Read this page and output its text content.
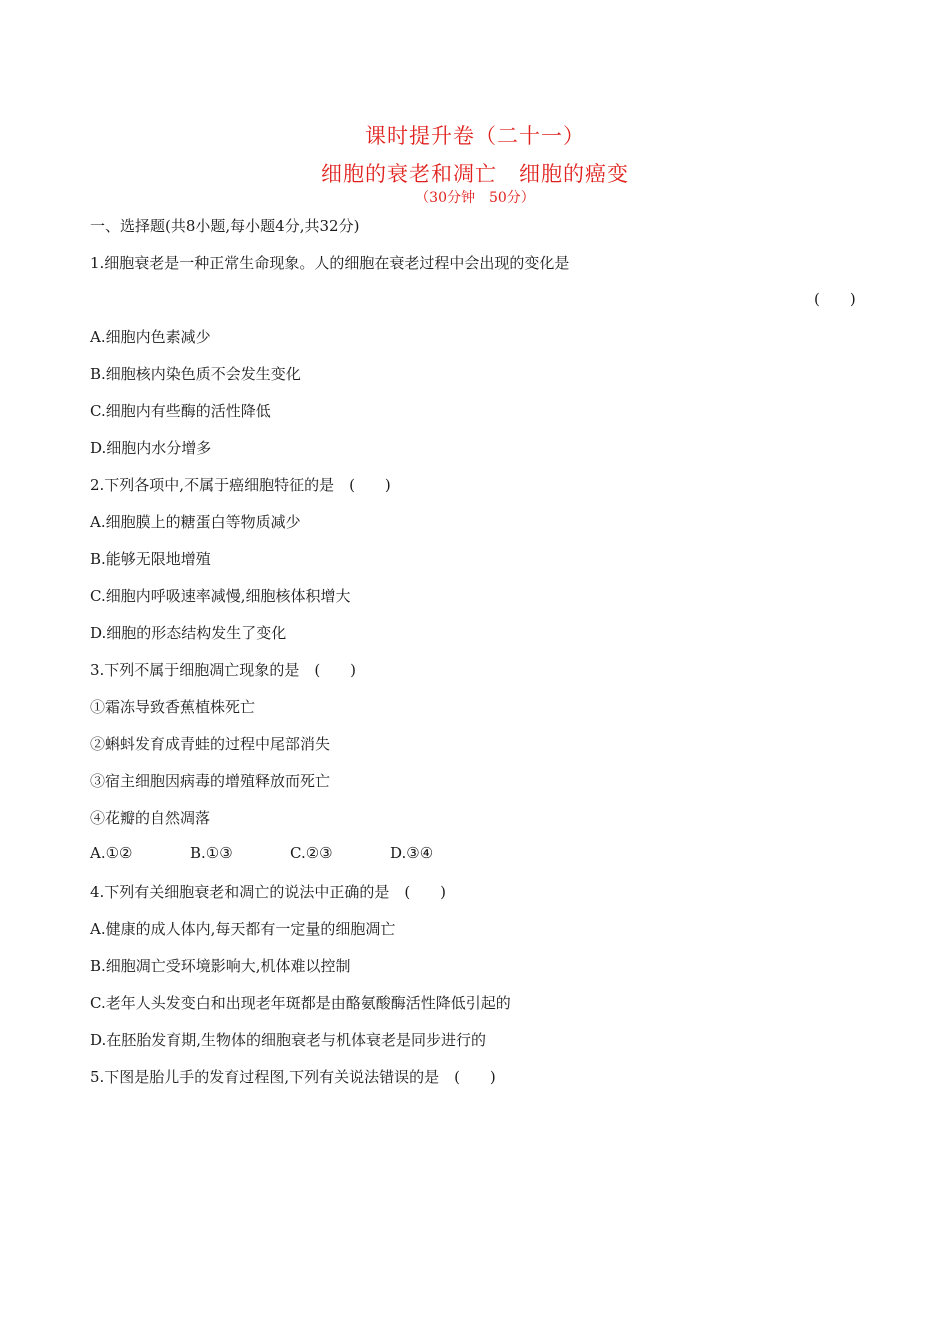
课时提升卷（二十一）
细胞的衰老和凋亡　细胞的癌变
（30分钟　50分）
一、选择题(共8小题,每小题4分,共32分)
1.细胞衰老是一种正常生命现象。人的细胞在衰老过程中会出现的变化是
(　　)
A.细胞内色素减少
B.细胞核内染色质不会发生变化
C.细胞内有些酶的活性降低
D.细胞内水分增多
2.下列各项中,不属于癌细胞特征的是　(　　)
A.细胞膜上的糖蛋白等物质减少
B.能够无限地增殖
C.细胞内呼吸速率减慢,细胞核体积增大
D.细胞的形态结构发生了变化
3.下列不属于细胞凋亡现象的是　(　　)
①霜冻导致香蕉植株死亡
②蝌蚪发育成青蛙的过程中尾部消失
③宿主细胞因病毒的增殖释放而死亡
④花瓣的自然凋落
A.①②	B.①③	C.②③	D.③④
4.下列有关细胞衰老和凋亡的说法中正确的是　(　　)
A.健康的成人体内,每天都有一定量的细胞凋亡
B.细胞凋亡受环境影响大,机体难以控制
C.老年人头发变白和出现老年斑都是由酪氨酸酶活性降低引起的
D.在胚胎发育期,生物体的细胞衰老与机体衰老是同步进行的
5.下图是胎儿手的发育过程图,下列有关说法错误的是　(　　)
